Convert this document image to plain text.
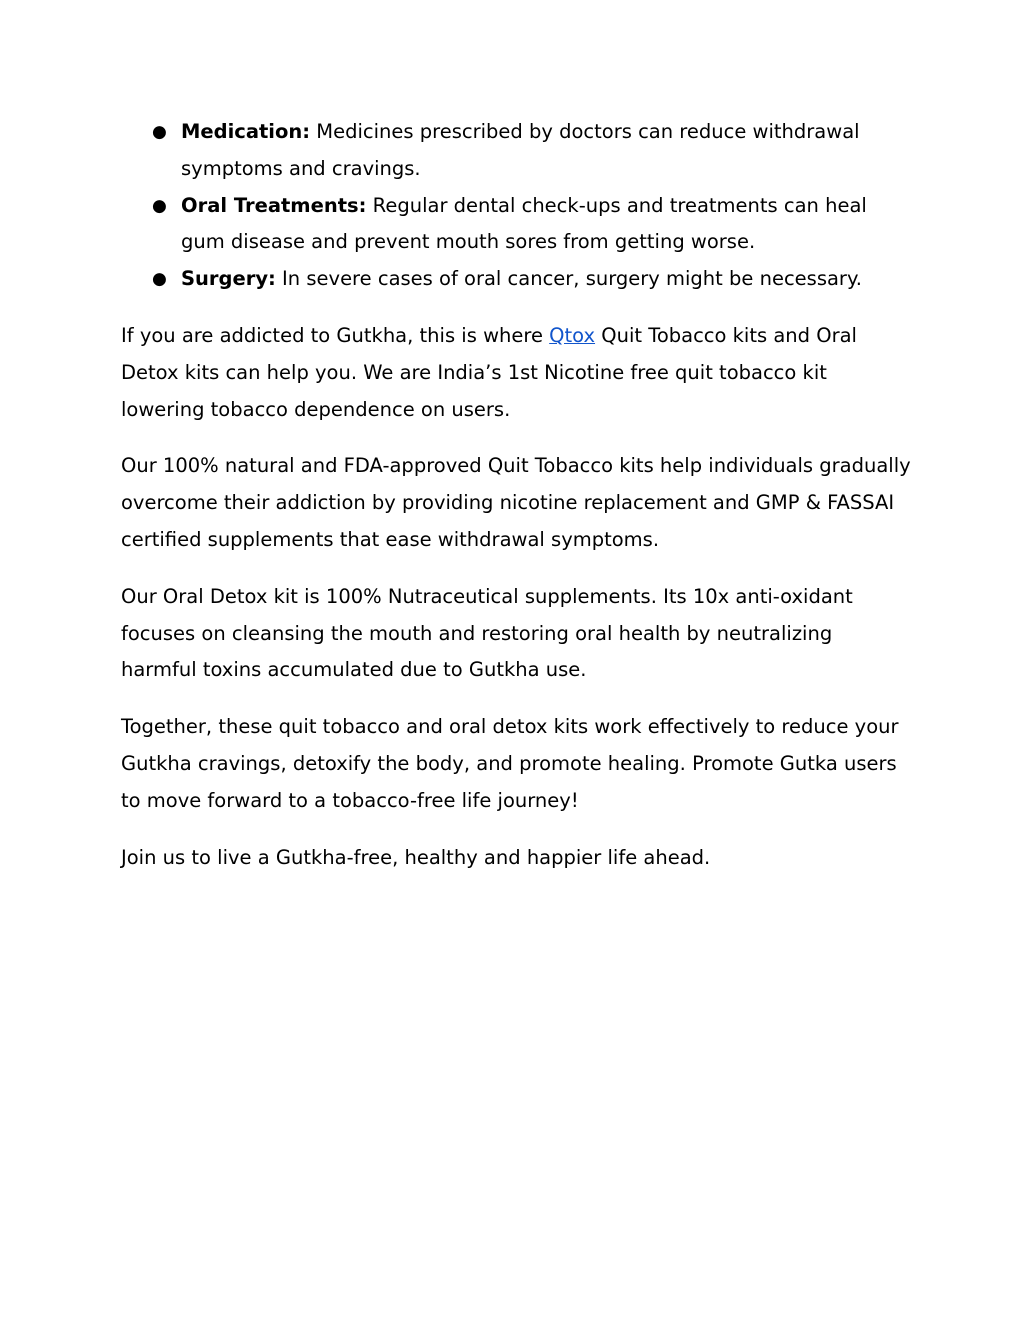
● Medication: Medicines prescribed by doctors can reduce withdrawal symptoms and cravings.
● Oral Treatments: Regular dental check-ups and treatments can heal gum disease and prevent mouth sores from getting worse.
● Surgery: In severe cases of oral cancer, surgery might be necessary.

If you are addicted to Gutkha, this is where Qtox Quit Tobacco kits and Oral Detox kits can help you. We are India’s 1st Nicotine free quit tobacco kit lowering tobacco dependence on users.

Our 100% natural and FDA-approved Quit Tobacco kits help individuals gradually overcome their addiction by providing nicotine replacement and GMP & FASSAI certified supplements that ease withdrawal symptoms.

Our Oral Detox kit is 100% Nutraceutical supplements. Its 10x anti-oxidant focuses on cleansing the mouth and restoring oral health by neutralizing harmful toxins accumulated due to Gutkha use.

Together, these quit tobacco and oral detox kits work effectively to reduce your Gutkha cravings, detoxify the body, and promote healing. Promote Gutka users to move forward to a tobacco-free life journey!

Join us to live a Gutkha-free, healthy and happier life ahead.
